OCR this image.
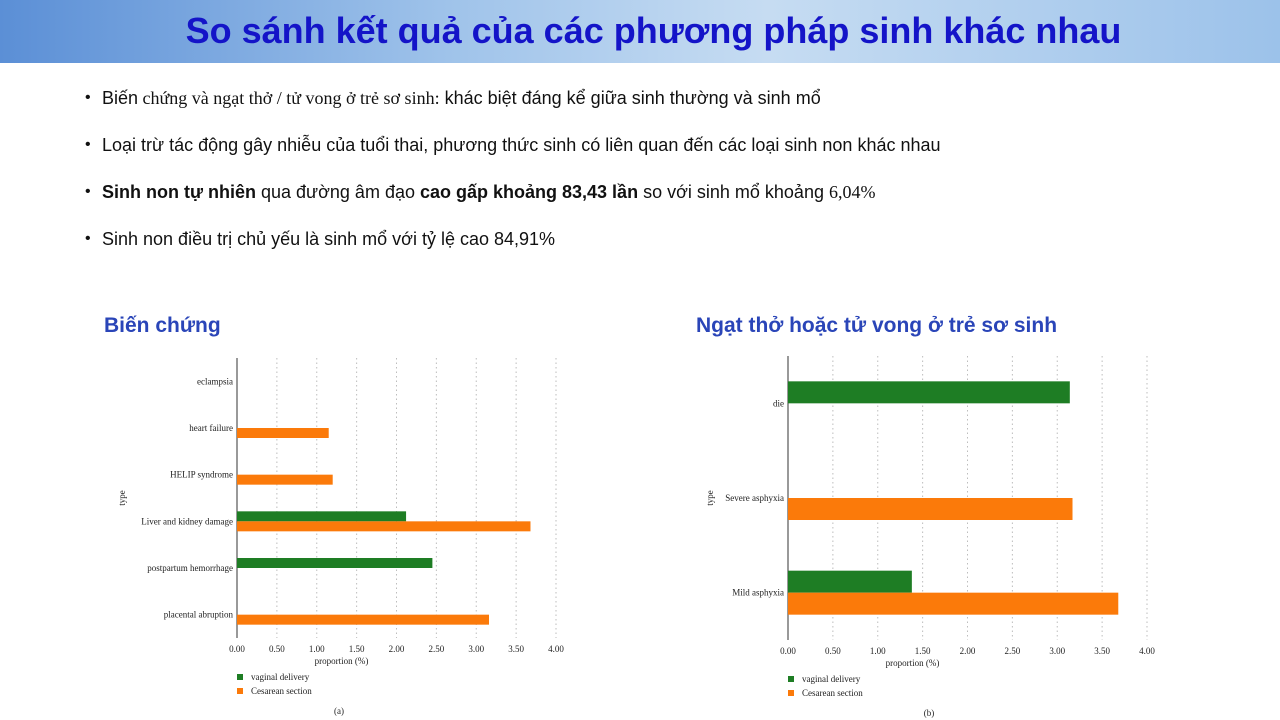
So sánh kết quả của các phương pháp sinh khác nhau
• Biến chứng và ngạt thở / tử vong ở trẻ sơ sinh: khác biệt đáng kể giữa sinh thường và sinh mổ
• Loại trừ tác động gây nhiễu của tuổi thai, phương thức sinh có liên quan đến các loại sinh non khác nhau
• Sinh non tự nhiên qua đường âm đạo cao gấp khoảng 83,43 lần so với sinh mổ khoảng 6,04%
• Sinh non điều trị chủ yếu là sinh mổ với tỷ lệ cao 84,91%
Biến chứng	Ngạt thở hoặc tử vong ở trẻ sơ sinh
0.00	0.50	1.00	1.50	2.00	2.50	3.00	3.50	4.00
eclampsia
heart failure
HELIP syndrome
Liver and kidney damage
postpartum hemorrhage
placental abruption
proportion (%)
type
vaginal delivery
Cesarean section
(a)
0.00	0.50	1.00	1.50	2.00	2.50	3.00	3.50	4.00
die
Severe asphyxia
Mild asphyxia
proportion (%)
type
vaginal delivery
Cesarean section
(b)
